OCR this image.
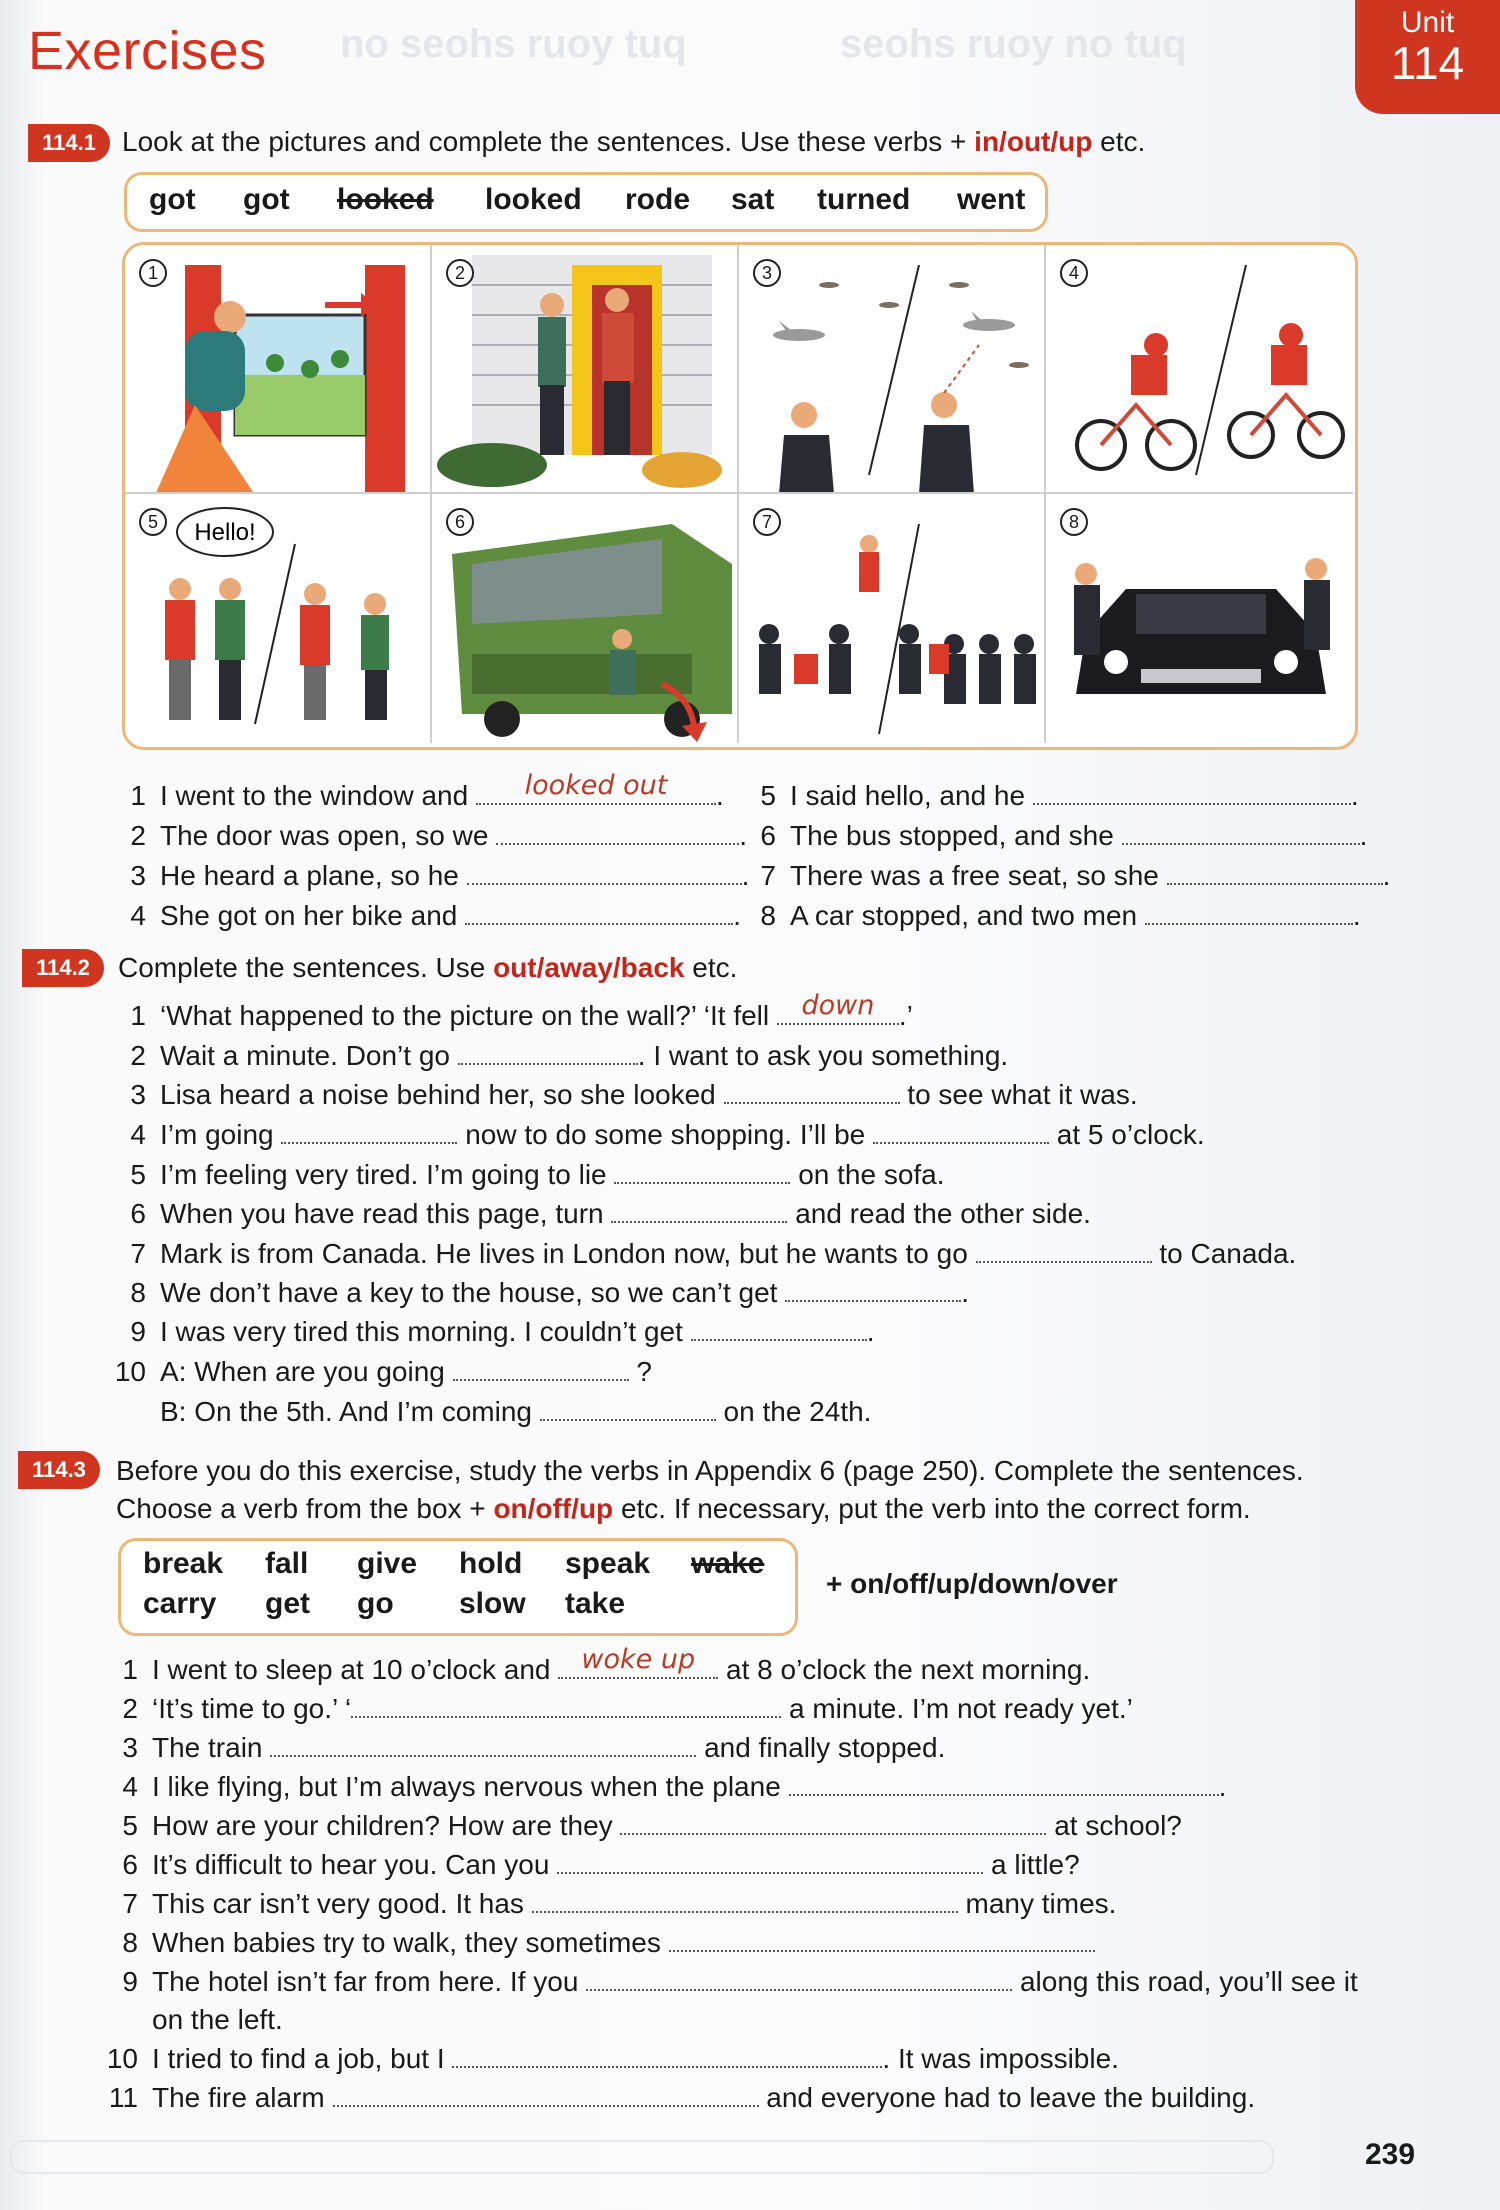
no seohs ruoy tuq	seohs ruoy no tuq
Exercises	Unit
114
114.1 Look at the pictures and complete the sentences. Use these verbs + in/out/up etc.
got got looked looked rode sat turned went
1	2	3	4
5	Hello!	6	7	8
1 I went to the window and	looked out	.
2 The door was open, so we	.
3 He heard a plane, so he	.
4 She got on her bike and	.
5 I said hello, and he	.
6 The bus stopped, and she	.
7 There was a free seat, so she	.
8 A car stopped, and two men	.
114.2	Complete the sentences. Use out/away/back etc.
1 ‘What happened to the picture on the wall?’ ‘It fell	down .’
2 Wait a minute. Don’t go	. I want to ask you something.
3 Lisa heard a noise behind her, so she looked	to see what it was.
4 I’m going	now to do some shopping. I’ll be	at 5 o’clock.
5 I’m feeling very tired. I’m going to lie	on the sofa.
6 When you have read this page, turn	and read the other side.
7 Mark is from Canada. He lives in London now, but he wants to go	to Canada.
8 We don’t have a key to the house, so we can’t get	.
9 I was very tired this morning. I couldn’t get	.
10 A: When are you going	?
B: On the 5th. And I’m coming	on the 24th.
114.3	Before you do this exercise, study the verbs in Appendix 6 (page 250). Complete the sentences.
Choose a verb from the box + on/off/up etc. If necessary, put the verb into the correct form.
break fall give hold speak wake
carry get go slow take
+ on/off/up/down/over
1 I went to sleep at 10 o’clock and	woke up	at 8 o’clock the next morning.
2 ‘It’s time to go.’ ‘	a minute. I’m not ready yet.’
3 The train	and finally stopped.
4 I like flying, but I’m always nervous when the plane	.
5 How are your children? How are they	at school?
6 It’s difficult to hear you. Can you	a little?
7 This car isn’t very good. It has	many times.
8 When babies try to walk, they sometimes
9 The hotel isn’t far from here. If you	along this road, you’ll see it
on the left.
10 I tried to find a job, but I	. It was impossible.
11 The fire alarm	and everyone had to leave the building.
239
